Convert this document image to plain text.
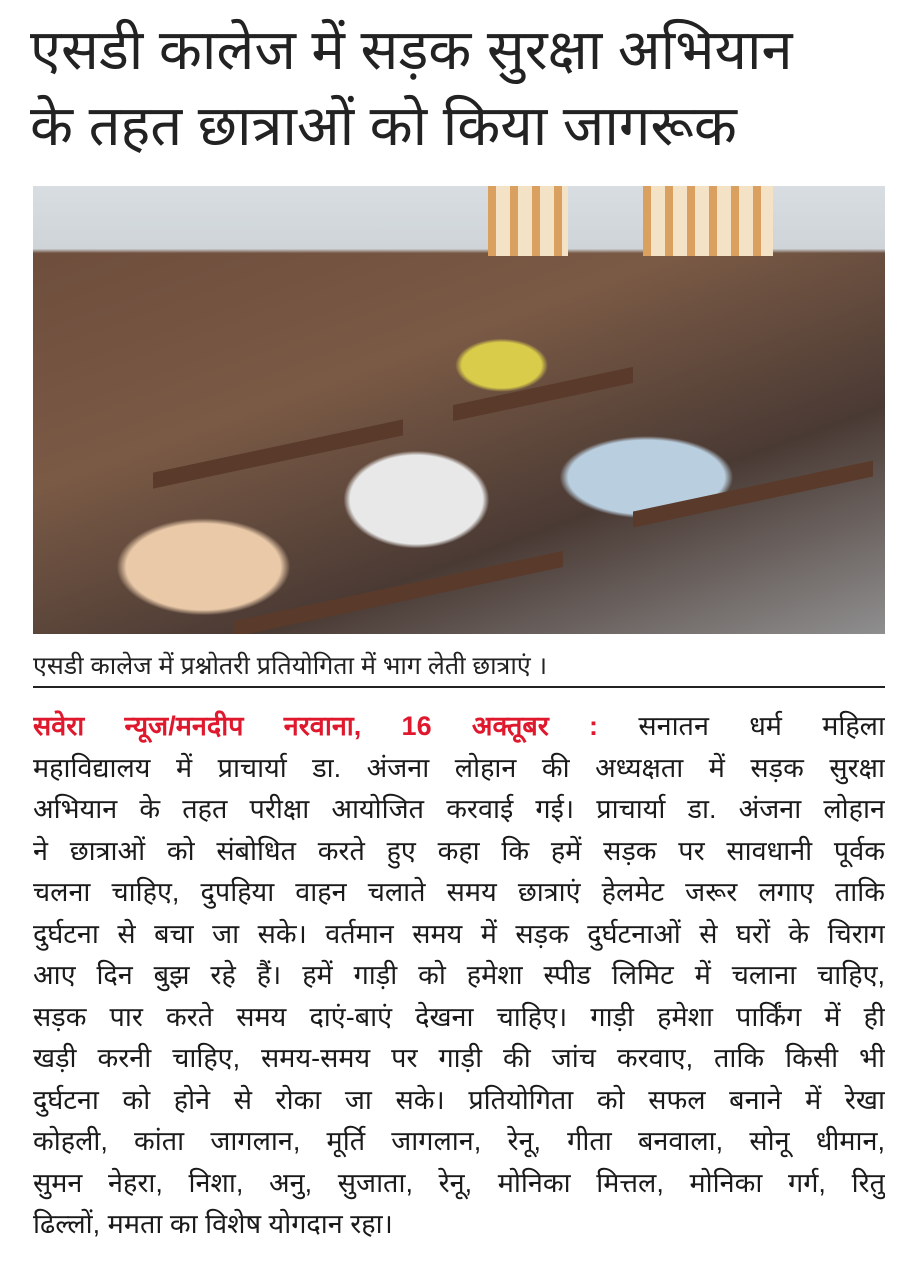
एसडी कालेज में सड़क सुरक्षा अभियान
के तहत छात्राओं को किया जागरूक
एसडी कालेज में प्रश्नोतरी प्रतियोगिता में भाग लेती छात्राएं ।
सवेरा न्यूज/मनदीप नरवाना, 16 अक्तूबर : सनातन धर्म महिला
महाविद्यालय में प्राचार्या डा. अंजना लोहान की अध्यक्षता में सड़क सुरक्षा
अभियान के तहत परीक्षा आयोजित करवाई गई। प्राचार्या डा. अंजना लोहान
ने छात्राओं को संबोधित करते हुए कहा कि हमें सड़क पर सावधानी पूर्वक
चलना चाहिए, दुपहिया वाहन चलाते समय छात्राएं हेलमेट जरूर लगाए ताकि
दुर्घटना से बचा जा सके। वर्तमान समय में सड़क दुर्घटनाओं से घरों के चिराग
आए दिन बुझ रहे हैं। हमें गाड़ी को हमेशा स्पीड लिमिट में चलाना चाहिए,
सड़क पार करते समय दाएं-बाएं देखना चाहिए। गाड़ी हमेशा पार्किंग में ही
खड़ी करनी चाहिए, समय-समय पर गाड़ी की जांच करवाए, ताकि किसी भी
दुर्घटना को होने से रोका जा सके। प्रतियोगिता को सफल बनाने में रेखा
कोहली, कांता जागलान, मूर्ति जागलान, रेनू, गीता बनवाला, सोनू धीमान,
सुमन नेहरा, निशा, अनु, सुजाता, रेनू, मोनिका मित्तल, मोनिका गर्ग, रितु
ढिल्लों, ममता का विशेष योगदान रहा।
